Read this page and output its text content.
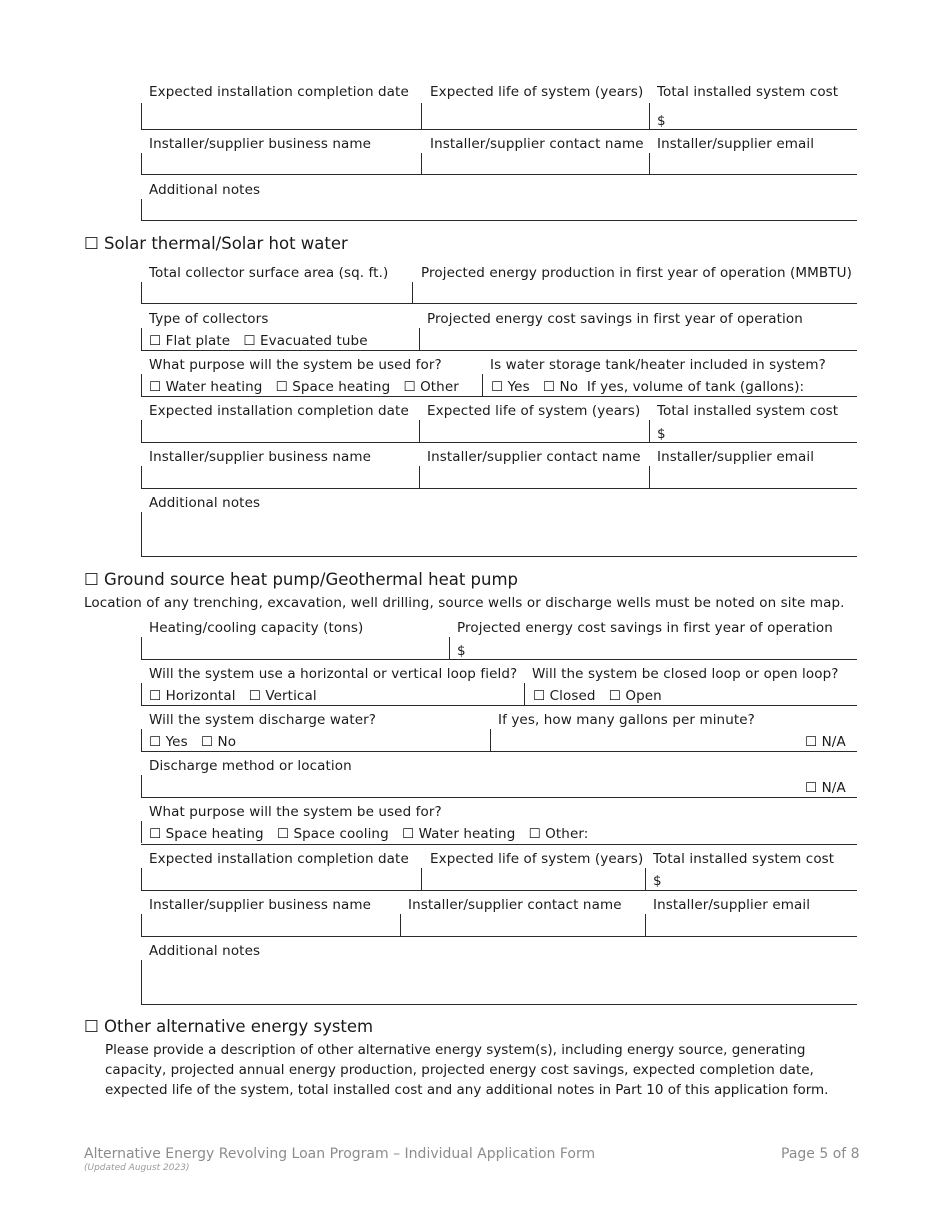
Expected installation completion date Expected life of system (years) Total installed system cost
$
Installer/supplier business name	Installer/supplier contact name Installer/supplier email
Additional notes
☐ Solar thermal/Solar hot water
Total collector surface area (sq. ft.) Projected energy production in first year of operation (MMBTU)
Type of collectors
☐ Flat plate ☐ Evacuated tube
Projected energy cost savings in first year of operation
What purpose will the system be used for?
☐ Water heating ☐ Space heating ☐ Other
Is water storage tank/heater included in system?
☐ Yes ☐ No If yes, volume of tank (gallons):
Expected installation completion date Expected life of system (years) Total installed system cost
$
Installer/supplier business name	Installer/supplier contact name Installer/supplier email
Additional notes
☐ Ground source heat pump/Geothermal heat pump
Location of any trenching, excavation, well drilling, source wells or discharge wells must be noted on site map.
Heating/cooling capacity (tons)	Projected energy cost savings in first year of operation
$
Will the system use a horizontal or vertical loop field?
☐ Horizontal ☐ Vertical
Will the system be closed loop or open loop?
☐ Closed ☐ Open
Will the system discharge water?
☐ Yes ☐ No
If yes, how many gallons per minute?
☐ N/A
Discharge method or location
☐ N/A
What purpose will the system be used for?
☐ Space heating ☐ Space cooling ☐ Water heating ☐ Other:
Expected installation completion date Expected life of system (years) Total installed system cost
$
Installer/supplier business name	Installer/supplier contact name Installer/supplier email
Additional notes
☐ Other alternative energy system
Please provide a description of other alternative energy system(s), including energy source, generating capacity, projected annual energy production, projected energy cost savings, expected completion date, expected life of the system, total installed cost and any additional notes in Part 10 of this application form.
Alternative Energy Revolving Loan Program – Individual Application Form
(Updated August 2023)
Page 5 of 8
